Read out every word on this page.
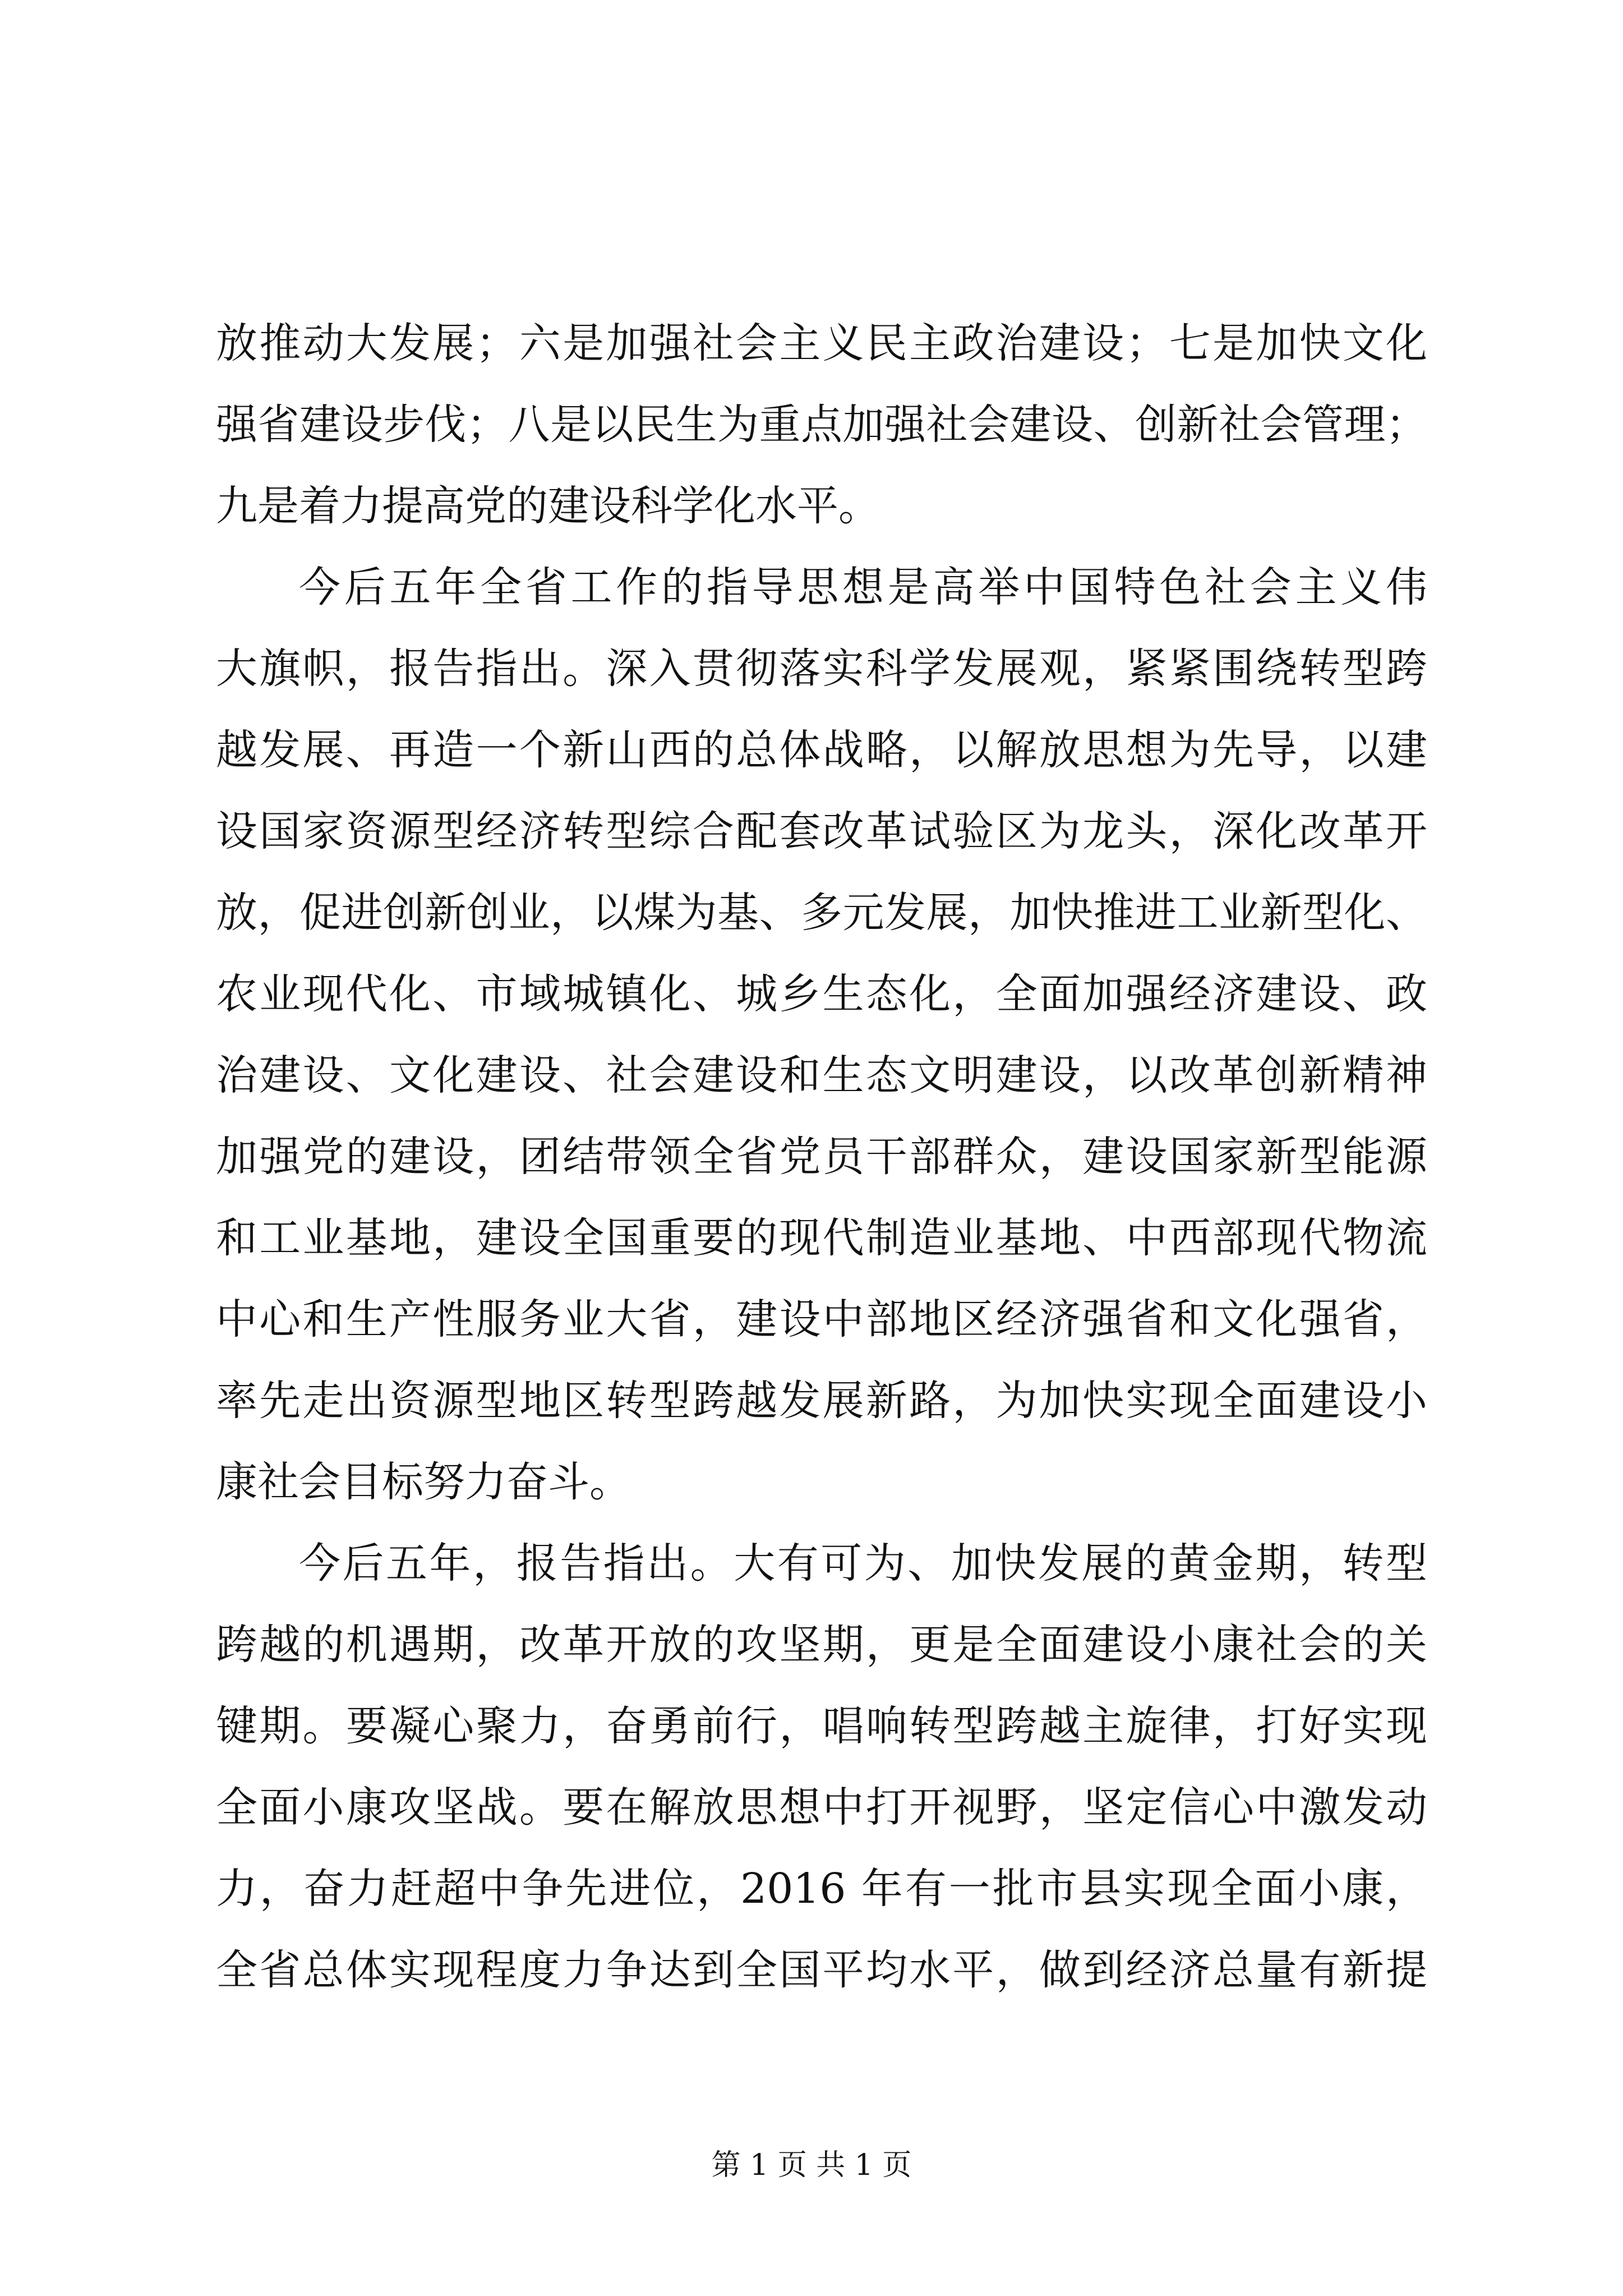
放推动大发展；六是加强社会主义民主政治建设；七是加快文化
强省建设步伐；八是以民生为重点加强社会建设、创新社会管理；
九是着力提高党的建设科学化水平。
今后五年全省工作的指导思想是高举中国特色社会主义伟
大旗帜，报告指出。深入贯彻落实科学发展观，紧紧围绕转型跨
越发展、再造一个新山西的总体战略，以解放思想为先导，以建
设国家资源型经济转型综合配套改革试验区为龙头，深化改革开
放，促进创新创业，以煤为基、多元发展，加快推进工业新型化、
农业现代化、市域城镇化、城乡生态化，全面加强经济建设、政
治建设、文化建设、社会建设和生态文明建设，以改革创新精神
加强党的建设，团结带领全省党员干部群众，建设国家新型能源
和工业基地，建设全国重要的现代制造业基地、中西部现代物流
中心和生产性服务业大省，建设中部地区经济强省和文化强省，
率先走出资源型地区转型跨越发展新路，为加快实现全面建设小
康社会目标努力奋斗。
今后五年，报告指出。大有可为、加快发展的黄金期，转型
跨越的机遇期，改革开放的攻坚期，更是全面建设小康社会的关
键期。要凝心聚力，奋勇前行，唱响转型跨越主旋律，打好实现
全面小康攻坚战。要在解放思想中打开视野，坚定信心中激发动
力，奋力赶超中争先进位，2016 年有一批市县实现全面小康，
全省总体实现程度力争达到全国平均水平，做到经济总量有新提
第 1 页 共 1 页
